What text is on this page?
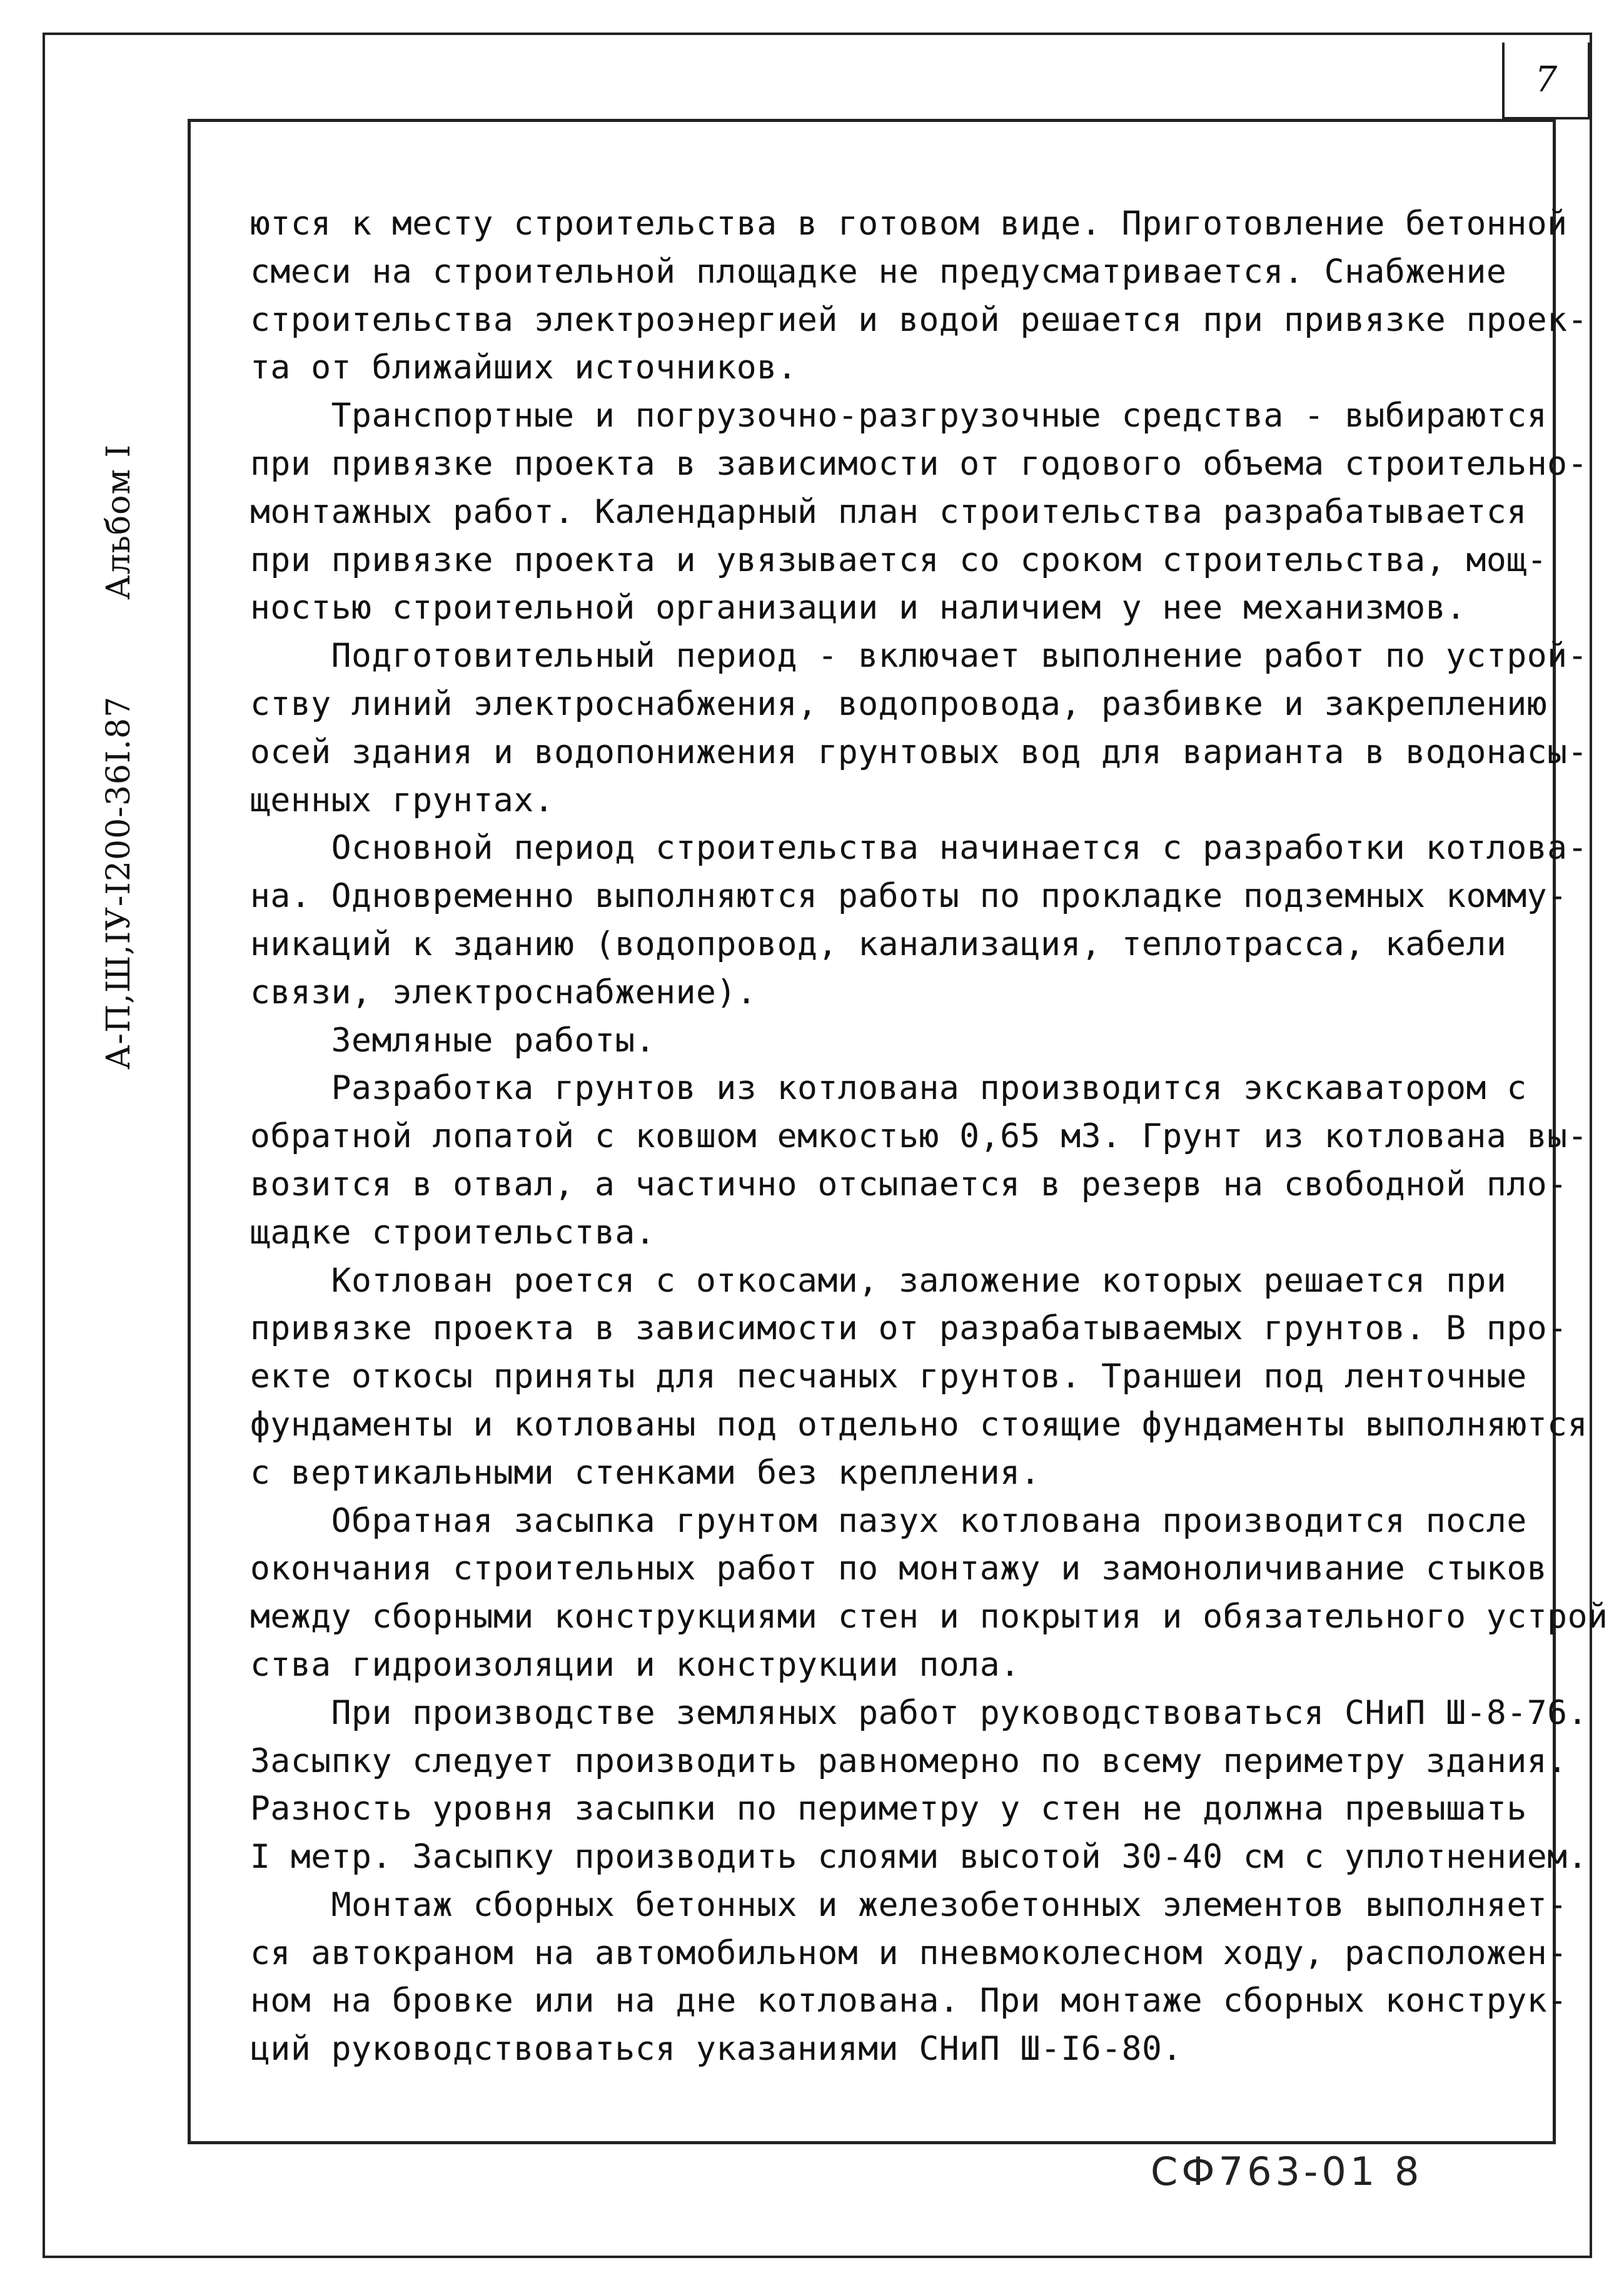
7
А-П,Ш,ІУ-І200-36І.87
Альбом І
ются к месту строительства в готовом виде. Приготовление бетонной
смеси на строительной площадке не предусматривается. Снабжение
строительства электроэнергией и водой решается при привязке проек-
та от ближайших источников.
Транспортные и погрузочно-разгрузочные средства - выбираются
при привязке проекта в зависимости от годового объема строительно-
монтажных работ. Календарный план строительства разрабатывается
при привязке проекта и увязывается со сроком строительства, мощ-
ностью строительной организации и наличием у нее механизмов.
Подготовительный период - включает выполнение работ по устрой-
ству линий электроснабжения, водопровода, разбивке и закреплению
осей здания и водопонижения грунтовых вод для варианта в водонасы-
щенных грунтах.
Основной период строительства начинается с разработки котлова-
на. Одновременно выполняются работы по прокладке подземных комму-
никаций к зданию (водопровод, канализация, теплотрасса, кабели
связи, электроснабжение).
Земляные работы.
Разработка грунтов из котлована производится экскаватором с
обратной лопатой с ковшом емкостью 0,65 м3. Грунт из котлована вы-
возится в отвал, а частично отсыпается в резерв на свободной пло-
щадке строительства.
Котлован роется с откосами, заложение которых решается при
привязке проекта в зависимости от разрабатываемых грунтов. В про-
екте откосы приняты для песчаных грунтов. Траншеи под ленточные
фундаменты и котлованы под отдельно стоящие фундаменты выполняются
с вертикальными стенками без крепления.
Обратная засыпка грунтом пазух котлована производится после
окончания строительных работ по монтажу и замоноличивание стыков
между сборными конструкциями стен и покрытия и обязательного устрой
ства гидроизоляции и конструкции пола.
При производстве земляных работ руководствоваться СНиП Ш-8-76.
Засыпку следует производить равномерно по всему периметру здания.
Разность уровня засыпки по периметру у стен не должна превышать
І метр. Засыпку производить слоями высотой 30-40 см с уплотнением.
Монтаж сборных бетонных и железобетонных элементов выполняет-
ся автокраном на автомобильном и пневмоколесном ходу, расположен-
ном на бровке или на дне котлована. При монтаже сборных конструк-
ций руководствоваться указаниями СНиП Ш-І6-80.
СФ763-01 8
